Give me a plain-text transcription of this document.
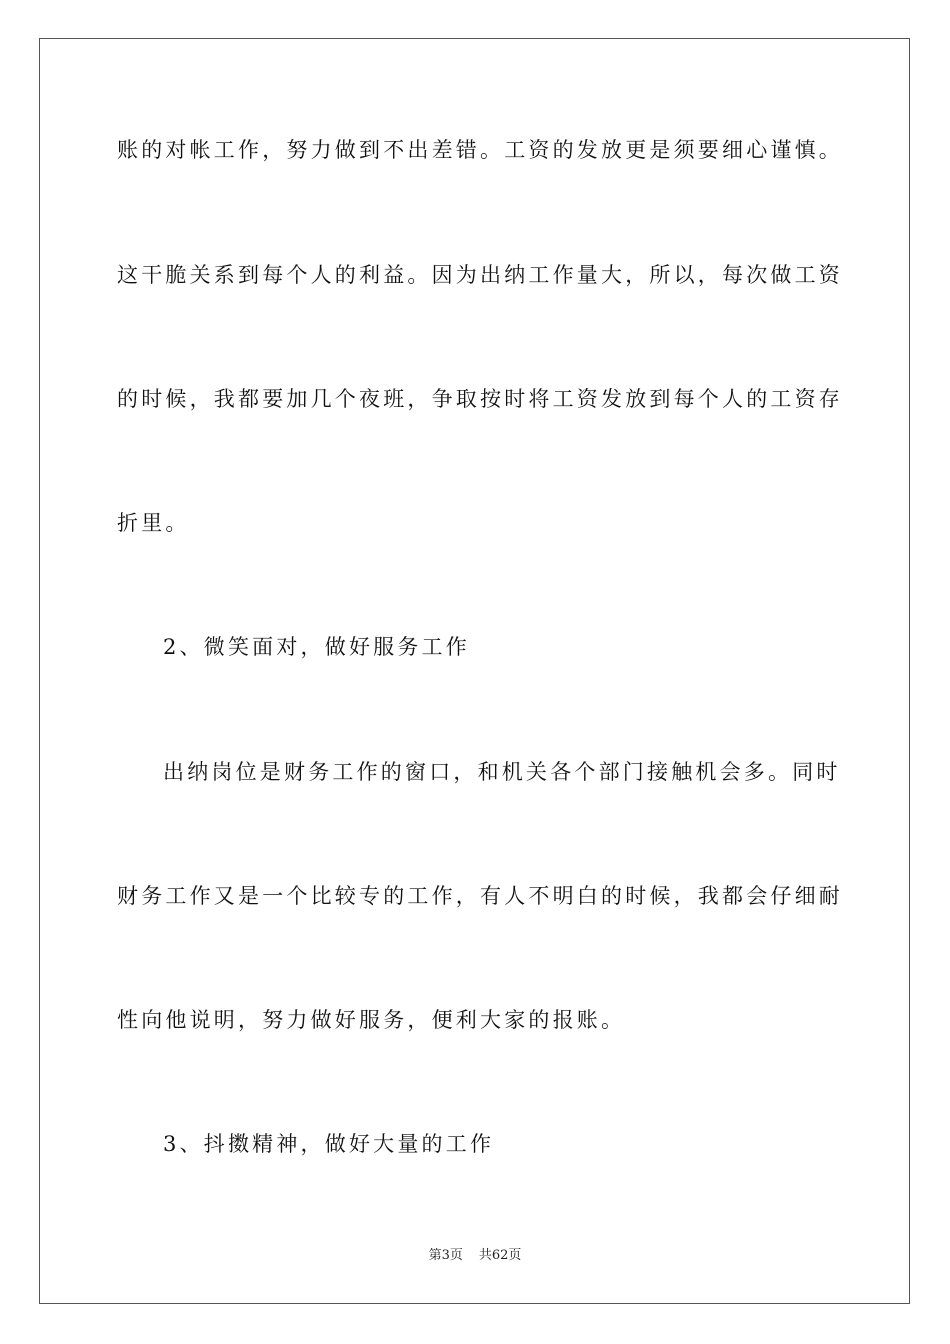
账的对帐工作，努力做到不出差错。工资的发放更是须要细心谨慎。
这干脆关系到每个人的利益。因为出纳工作量大，所以，每次做工资
的时候，我都要加几个夜班，争取按时将工资发放到每个人的工资存
折里。
2、微笑面对，做好服务工作
出纳岗位是财务工作的窗口，和机关各个部门接触机会多。同时
财务工作又是一个比较专的工作，有人不明白的时候，我都会仔细耐
性向他说明，努力做好服务，便利大家的报账。
3、抖擞精神，做好大量的工作
第3页 共62页
